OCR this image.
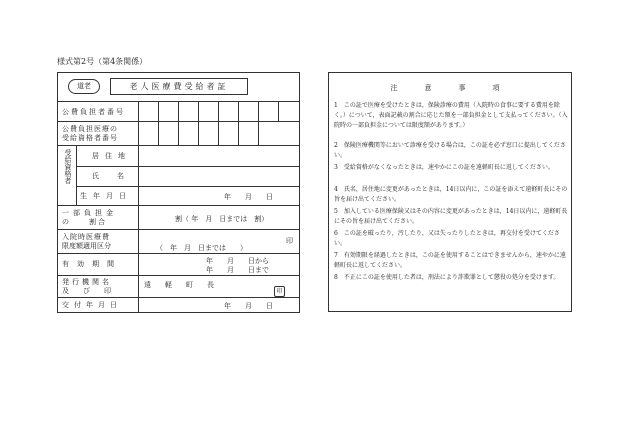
様式第2号（第4条関係）
道老	老人医療費受給者証
公費負担者番号
公費負担医療の
受給資格者番号
受給資格者	居住地
氏名
生年月日	年　　月　　日
一部負担金
の　　割合	割（ 年　月　日までは　割）
入院時医療費
限度額適用区分	（　年　月　日までは　　）
印
有効期間	年　　月　　日から
年　　月　　日まで
発行機関名
及　　び　　印
遠　　軽　　町　　長
印
交付年月日	年　　月　　日
注　意　事　項
1　この証で医療を受けたときは，保険診療の費用（入院時の食事に要する費用を除く。）について，表面記載の割合に応じた額を一部負担金として支払ってください。（入院時の一部負担金については限度額があります。）
2　保険医療機関等において診療を受ける場合は，この証を必ず窓口に提出してください。
3　受給資格がなくなったときは，速やかにこの証を遠軽町長に返してください。
4　氏名，居住地に変更があったときは，14日以内に，この証を添えて遠軽町長にその旨を届け出てください。
5　加入している医療保険又はその内容に変更があったときは，14日以内に，遠軽町長にその旨を届け出てください。
6　この証を破ったり，汚したり，又は失ったりしたときは，再交付を受けてください。
7　有効期限を経過したときは，この証を使用することはできませんから，速やかに遠軽町長に返してください。
8　不正にこの証を使用した者は，刑法により詐欺罪として懲役の処分を受けます。
